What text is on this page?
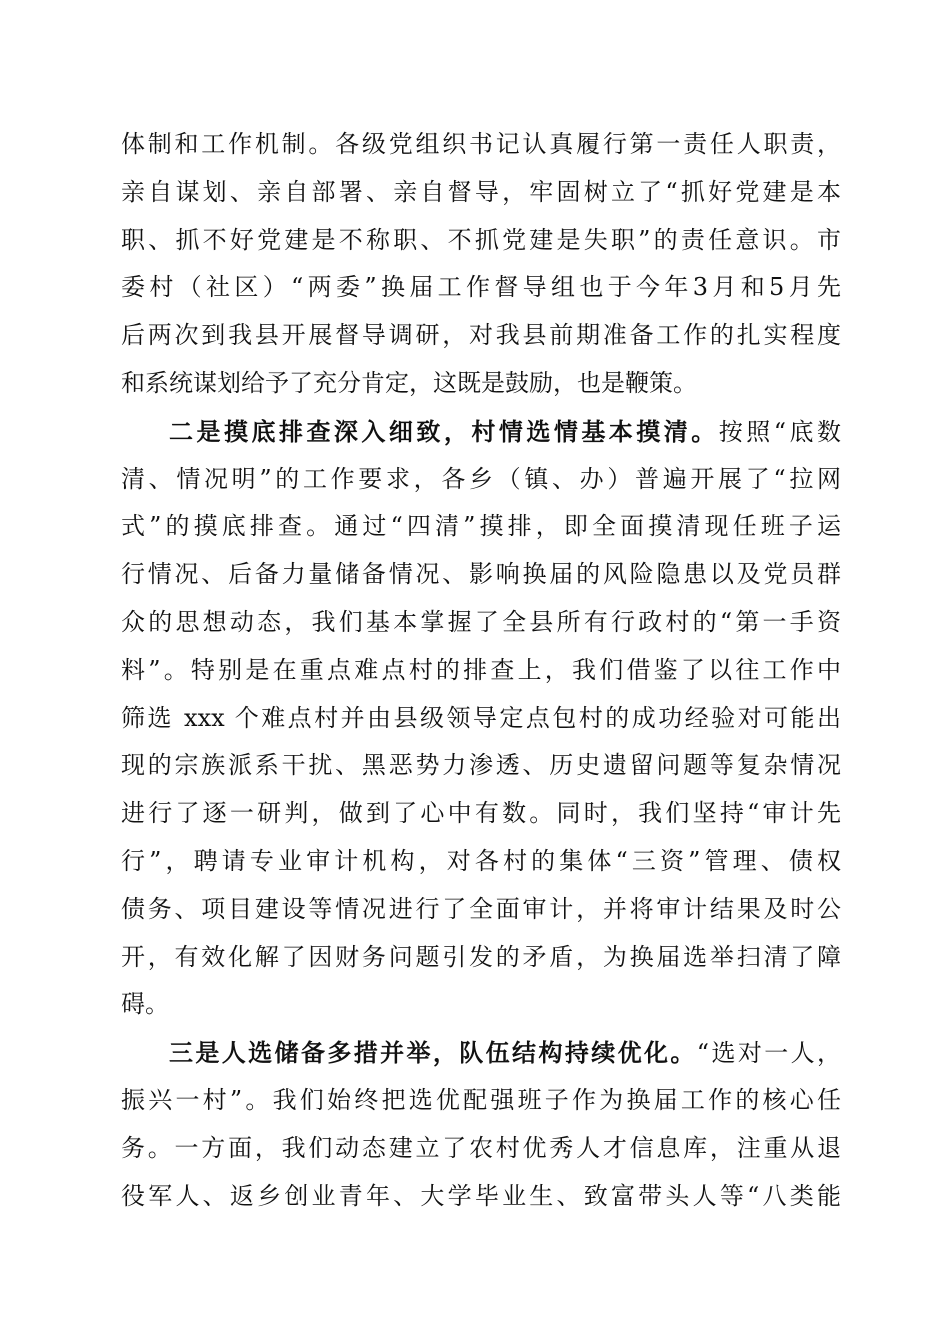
体制和工作机制。各级党组织书记认真履行第一责任人职责，
亲自谋划、亲自部署、亲自督导，牢固树立了“抓好党建是本
职、抓不好党建是不称职、不抓党建是失职”的责任意识。市
委村（社区）“两委”换届工作督导组也于今年3月和5月先
后两次到我县开展督导调研，对我县前期准备工作的扎实程度
和系统谋划给予了充分肯定，这既是鼓励，也是鞭策。
二是摸底排查深入细致，村情选情基本摸清。按照“底数
清、情况明”的工作要求，各乡（镇、办）普遍开展了“拉网
式”的摸底排查。通过“四清”摸排，即全面摸清现任班子运
行情况、后备力量储备情况、影响换届的风险隐患以及党员群
众的思想动态，我们基本掌握了全县所有行政村的“第一手资
料”。特别是在重点难点村的排查上，我们借鉴了以往工作中
筛选 xxx 个难点村并由县级领导定点包村的成功经验对可能出
现的宗族派系干扰、黑恶势力渗透、历史遗留问题等复杂情况
进行了逐一研判，做到了心中有数。同时，我们坚持“审计先
行”，聘请专业审计机构，对各村的集体“三资”管理、债权
债务、项目建设等情况进行了全面审计，并将审计结果及时公
开，有效化解了因财务问题引发的矛盾，为换届选举扫清了障
碍。
三是人选储备多措并举，队伍结构持续优化。“选对一人，
振兴一村”。我们始终把选优配强班子作为换届工作的核心任
务。一方面，我们动态建立了农村优秀人才信息库，注重从退
役军人、返乡创业青年、大学毕业生、致富带头人等“八类能
